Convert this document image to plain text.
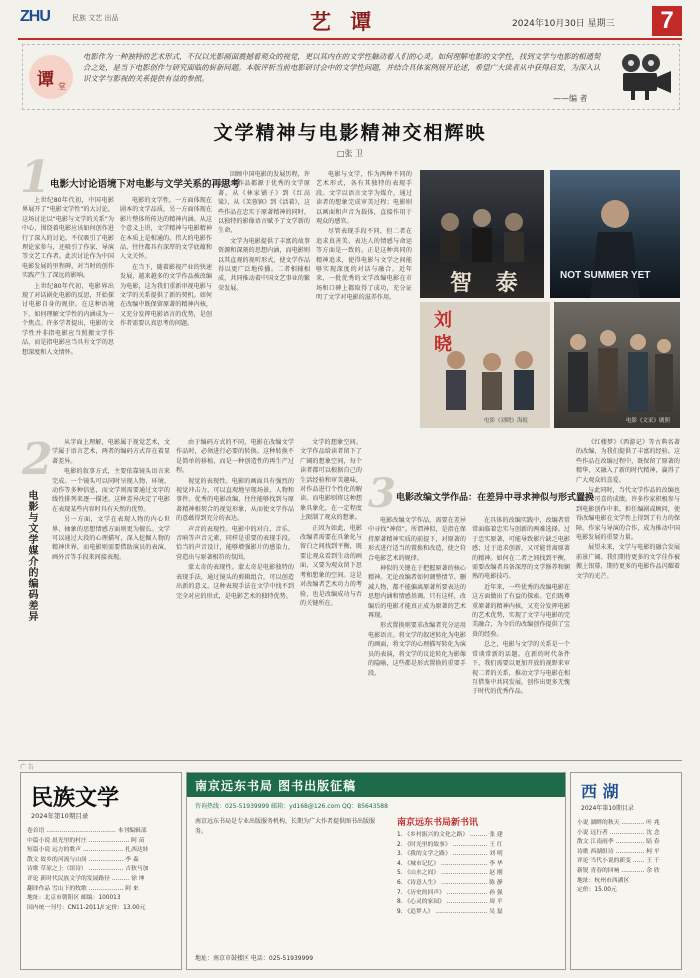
ZHU	民族 文艺 出品	艺 谭	2024年10月30日 星期三	7
谭 堂
电影作为一种独特的艺术形式，不仅以光影画面震撼着观众的视觉，更以其内在的文学性触动着人们的心灵。如何理解电影的文学性，找到文学与电影的相通契合之处，是当下电影创作与研究面临的崭新问题。本版评析当前电影研讨会中的文学性问题，并结合具体案例展开论述，希望广大读者从中获得启发，为深入认识文学与影视的关系提供有益的参照。
——编 者
文学精神与电影精神交相辉映
□张 卫
1 电影大讨论语境下对电影与文学关系的再思考

上世纪80年代初，中国电影界展开了“电影文学性”的大讨论，这场讨论以“电影与文学的关系”为中心，围绕着电影应该如何创作进行了深入的讨论。不仅吸引了电影理论家参与，还吸引了作家、导演等文艺工作者。此次讨论作为中国电影发展的里程碑，对当时的创作实践产生了深远的影响。

上世纪80年代初，电影界出现了对话剧化电影的反思，开始探讨电影自身的规律。在这种语境下，如何理解文学性的内涵成为一个焦点。许多学者提出，电影的文学性并非指电影应当照搬文学作品，而是指电影应当具有文学的思想深度和人文情怀。

电影的文学性，一方面体现在剧本的文学品质，另一方面体现在影片整体所传达的精神内涵。从这个意义上讲，文学精神与电影精神在本质上是相通的。伟大的电影作品，往往都具有深厚的文学底蕴和人文关怀。

在当下，随着影视产业的快速发展，越来越多的文学作品被改编为电影，这为我们重新审视电影与文学的关系提供了新的契机。如何在改编中既保留原著的精神内核，又充分发挥电影语言的优势，是创作者需要认真思考的问题。

回顾中国电影的发展历程，许多经典作品都源于优秀的文学原著。从《林家铺子》到《红高粱》，从《芙蓉镇》到《活着》，这些作品在忠实于原著精神的同时，以独特的影像语言赋予了文学新的生命。

文学为电影提供了丰富的故事资源和深刻的思想内涵，而电影则以其直观的视听形式，使文学作品得以更广泛地传播。二者相辅相成，共同推动着中国文艺事业的繁荣发展。

电影与文学，作为两种不同的艺术形式，各有其独特的表现手段。文学以语言文字为媒介，通过读者的想象完成审美过程；电影则以画面和声音为载体，直接作用于观众的感官。

尽管表现手段不同，但二者在追求真善美、表达人的情感与命运等方面是一致的。正是这种共同的精神追求，使得电影与文学之间能够实现深度的对话与融合。近年来，一批优秀的文学改编电影在市场和口碑上都取得了成功，充分证明了文学对电影的滋养作用。

智 泰	NOT SUMMER YET
刘 晓
电影《刘晓》海报	电影《文采》剧照
2
电影与文学媒介的编码差异

从字面上理解，电影属于视觉艺术，文学属于语言艺术，两者的编码方式存在着显著差异。

电影的叙事方式，主要依靠镜头语言来完成。一个镜头可以同时呈现人物、环境、动作等多种信息，而文学则需要通过文字的线性排列来逐一描述。这种差异决定了电影在表现某些内容时具有天然的优势。

另一方面，文学在表现人物的内心世界、抽象的思想情感方面则更为擅长。文学可以通过大段的心理描写，深入挖掘人物的精神世界，而电影则需要借助演员的表演、画外音等手段来间接表现。

由于编码方式的不同，电影在改编文学作品时，必须进行必要的转换。这种转换不是简单的移植，而是一种创造性的再生产过程。

视觉的表现性。电影的画面具有强烈的视觉冲击力，可以直观地呈现场景、人物和事件。优秀的电影改编，往往能够找到与原著精神相契合的视觉形象，从而使文学作品的意蕴得到充分的表达。

声音的表现性。电影中的对白、音乐、音响等声音元素，同样是重要的表现手段。恰当的声音设计，能够增强影片的感染力，营造出与原著相符的氛围。

蒙太奇的表现性。蒙太奇是电影独特的表现手法，通过镜头的剪辑组合，可以创造出新的意义。这种表现手法在文学中找不到完全对应的形式，是电影艺术的独特优势。

文学的想象空间。文学作品给读者留下了广阔的想象空间，每个读者都可以根据自己的生活经验和审美趣味，对作品进行个性化的解读。而电影则将这种想象具象化，在一定程度上限制了观众的想象。

正因为如此，电影改编者需要在具象化与留白之间找到平衡，既要让观众看到生动的画面，又要为观众留下思考和想象的空间。这是对改编者艺术功力的考验，也是改编成功与否的关键所在。

3 电影改编文学作品：在差异中寻求神似与形式置换

电影改编文学作品，需要在差异中寻找“神似”。所谓神似，是指在保持原著精神实质的前提下，对原著的形式进行适当的置换和改造，使之符合电影艺术的规律。

神似的关键在于把握原著的核心精神。无论改编者如何调整情节、删减人物，都不能偏离原著所要表达的思想内涵和情感基调。只有这样，改编后的电影才能真正成为原著的艺术再现。

形式置换则要求改编者充分运用电影语言。将文学的叙述转化为电影的画面，将文学的心理描写转化为演员的表演，将文学的议论转化为影像的隐喻，这些都是形式置换的重要手段。

在具体的改编实践中，改编者常常面临着忠实与创新的两难选择。过于忠实原著，可能导致影片缺乏电影感；过于追求创新，又可能背离原著的精神。如何在二者之间找到平衡，需要改编者具备深厚的文学修养和娴熟的电影技巧。

近年来，一些优秀的改编电影在这方面做出了有益的探索。它们既尊重原著的精神内核，又充分发挥电影的艺术优势，实现了文学与电影的完美融合，为今后的改编创作提供了宝贵的经验。

总之，电影与文学的关系是一个常谈常新的话题。在新的时代条件下，我们需要以更加开放的视野来审视二者的关系，推动文学与电影在相互借鉴中共同发展，创作出更多无愧于时代的优秀作品。

《红楼梦》《西游记》等古典名著的改编，为我们提供了丰富的经验。这些作品在改编过程中，既保留了原著的精华，又融入了新的时代精神，赢得了广大观众的喜爱。

与此同时，当代文学作品的改编也取得了可喜的成绩。许多作家积极参与到电影创作中来，担任编剧或顾问，使得改编电影在文学性上得到了有力的保障。作家与导演的合作，成为推动中国电影发展的重要力量。

展望未来，文学与电影的融合发展前景广阔。我们期待更多的文学佳作被搬上银幕，期待更多的电影作品闪耀着文学的光芒。

广 告
民族文学
2024年第10期目录
卷首语 ……………………………… 本刊编辑部
中篇小说 晨光里的村庄 ………………… 阿 苗
短篇小说 远方的歌声 ………………… 扎西达娃
散文 故乡的河流与山岗 ……………… 李 森
诗歌 草原之上（组诗） ……………… 吉狄马加
评论 新时代民族文学的发展路径 ……… 徐 坤
翻译作品 雪山下的牧歌 ……………… 阿 来
地址：北京市朝阳区 邮编：100013
国内统一刊号：CN11-2011/I 定价：13.00元
南京远东书局 图书出版征稿
咨询热线：025-51939999 邮箱：yd168@126.com QQ：85643588
南京远东书局新书讯
南京远东书局是专业出版服务机构，长期为广大作者提供图书出版服务。
1. 《乡村振兴的文化之路》 ……… 张 建
2. 《时光里的故事》 ……………… 王 红
3. 《我的文学之路》 ……………… 刘 明
4. 《城市记忆》 …………………… 李 华
5. 《山水之间》 …………………… 赵 刚
6. 《诗意人生》 …………………… 陈 静
7. 《历史的回声》 ………………… 孙 强
8. 《心灵的家园》 ………………… 周 平
9. 《追梦人》 ……………………… 吴 磊
地址：南京市鼓楼区 电话：025-51939999
西 湖
2024年第10期目录
小说 湖畔的秋天 ………… 叶 兆
小说 远行者 ……………… 沈 念
散文 江南雨季 …………… 陆 春
诗歌 西湖组诗 …………… 柯 平
评论 当代小说的新变 …… 王 干
新锐 青春的回响 ………… 余 欣
地址：杭州市西湖区
定价：15.00元
